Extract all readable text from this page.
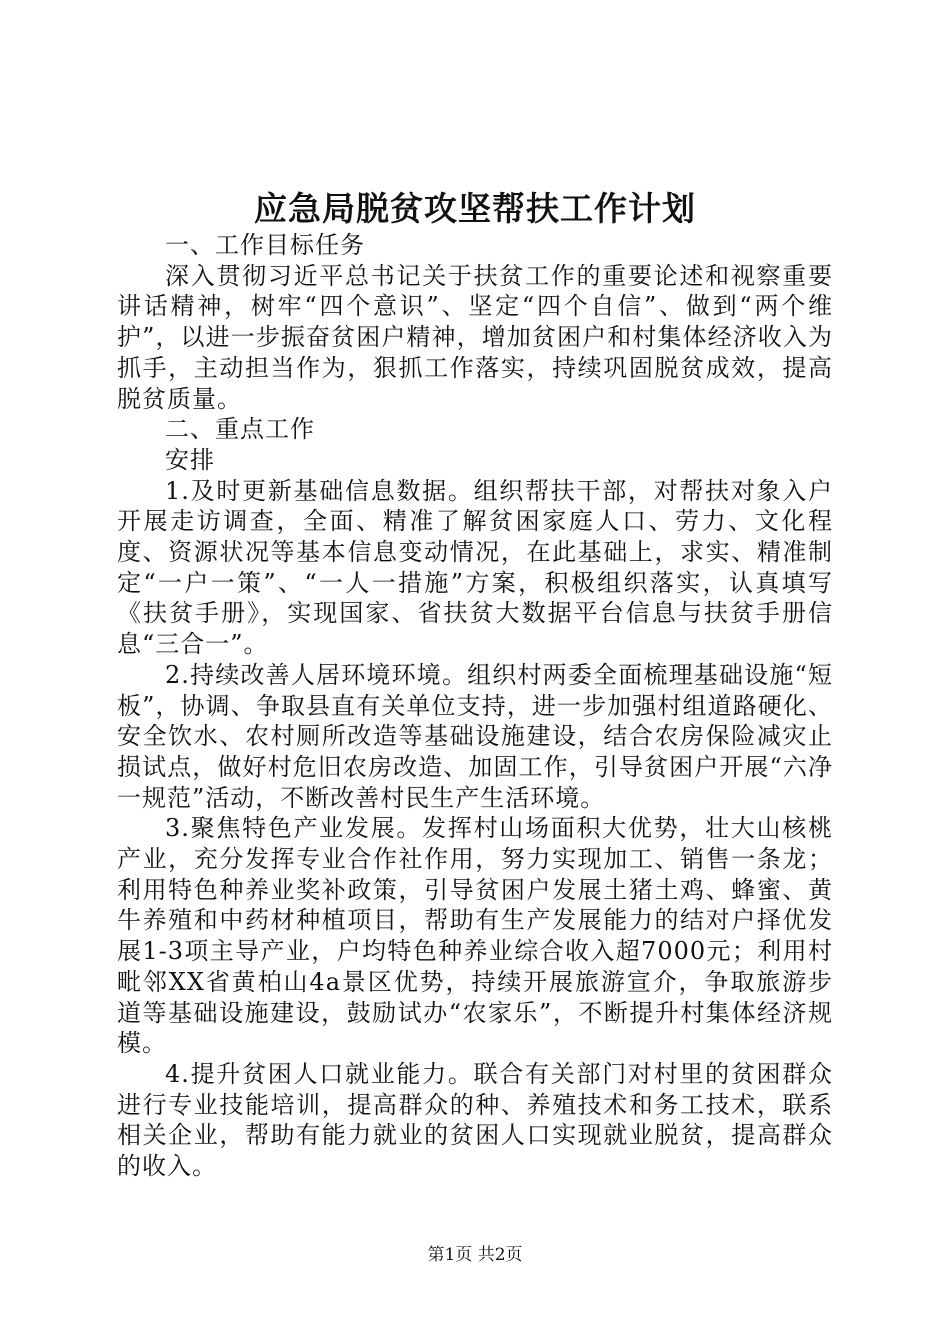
应急局脱贫攻坚帮扶工作计划

一、工作目标任务

深入贯彻习近平总书记关于扶贫工作的重要论述和视察重要讲话精神，树牢“四个意识”、坚定“四个自信”、做到“两个维护”，以进一步振奋贫困户精神，增加贫困户和村集体经济收入为抓手，主动担当作为，狠抓工作落实，持续巩固脱贫成效，提高脱贫质量。

二、重点工作

安排

1.及时更新基础信息数据。组织帮扶干部，对帮扶对象入户开展走访调查，全面、精准了解贫困家庭人口、劳力、文化程度、资源状况等基本信息变动情况，在此基础上，求实、精准制定“一户一策”、“一人一措施”方案，积极组织落实，认真填写《扶贫手册》，实现国家、省扶贫大数据平台信息与扶贫手册信息“三合一”。

2.持续改善人居环境环境。组织村两委全面梳理基础设施“短板”，协调、争取县直有关单位支持，进一步加强村组道路硬化、安全饮水、农村厕所改造等基础设施建设，结合农房保险减灾止损试点，做好村危旧农房改造、加固工作，引导贫困户开展“六净一规范”活动，不断改善村民生产生活环境。

3.聚焦特色产业发展。发挥村山场面积大优势，壮大山核桃产业，充分发挥专业合作社作用，努力实现加工、销售一条龙；利用特色种养业奖补政策，引导贫困户发展土猪土鸡、蜂蜜、黄牛养殖和中药材种植项目，帮助有生产发展能力的结对户择优发展1-3项主导产业，户均特色种养业综合收入超7000元；利用村毗邻XX省黄柏山4a景区优势，持续开展旅游宣介，争取旅游步道等基础设施建设，鼓励试办“农家乐”，不断提升村集体经济规模。

4.提升贫困人口就业能力。联合有关部门对村里的贫困群众进行专业技能培训，提高群众的种、养殖技术和务工技术，联系相关企业，帮助有能力就业的贫困人口实现就业脱贫，提高群众的收入。

第1页 共2页
